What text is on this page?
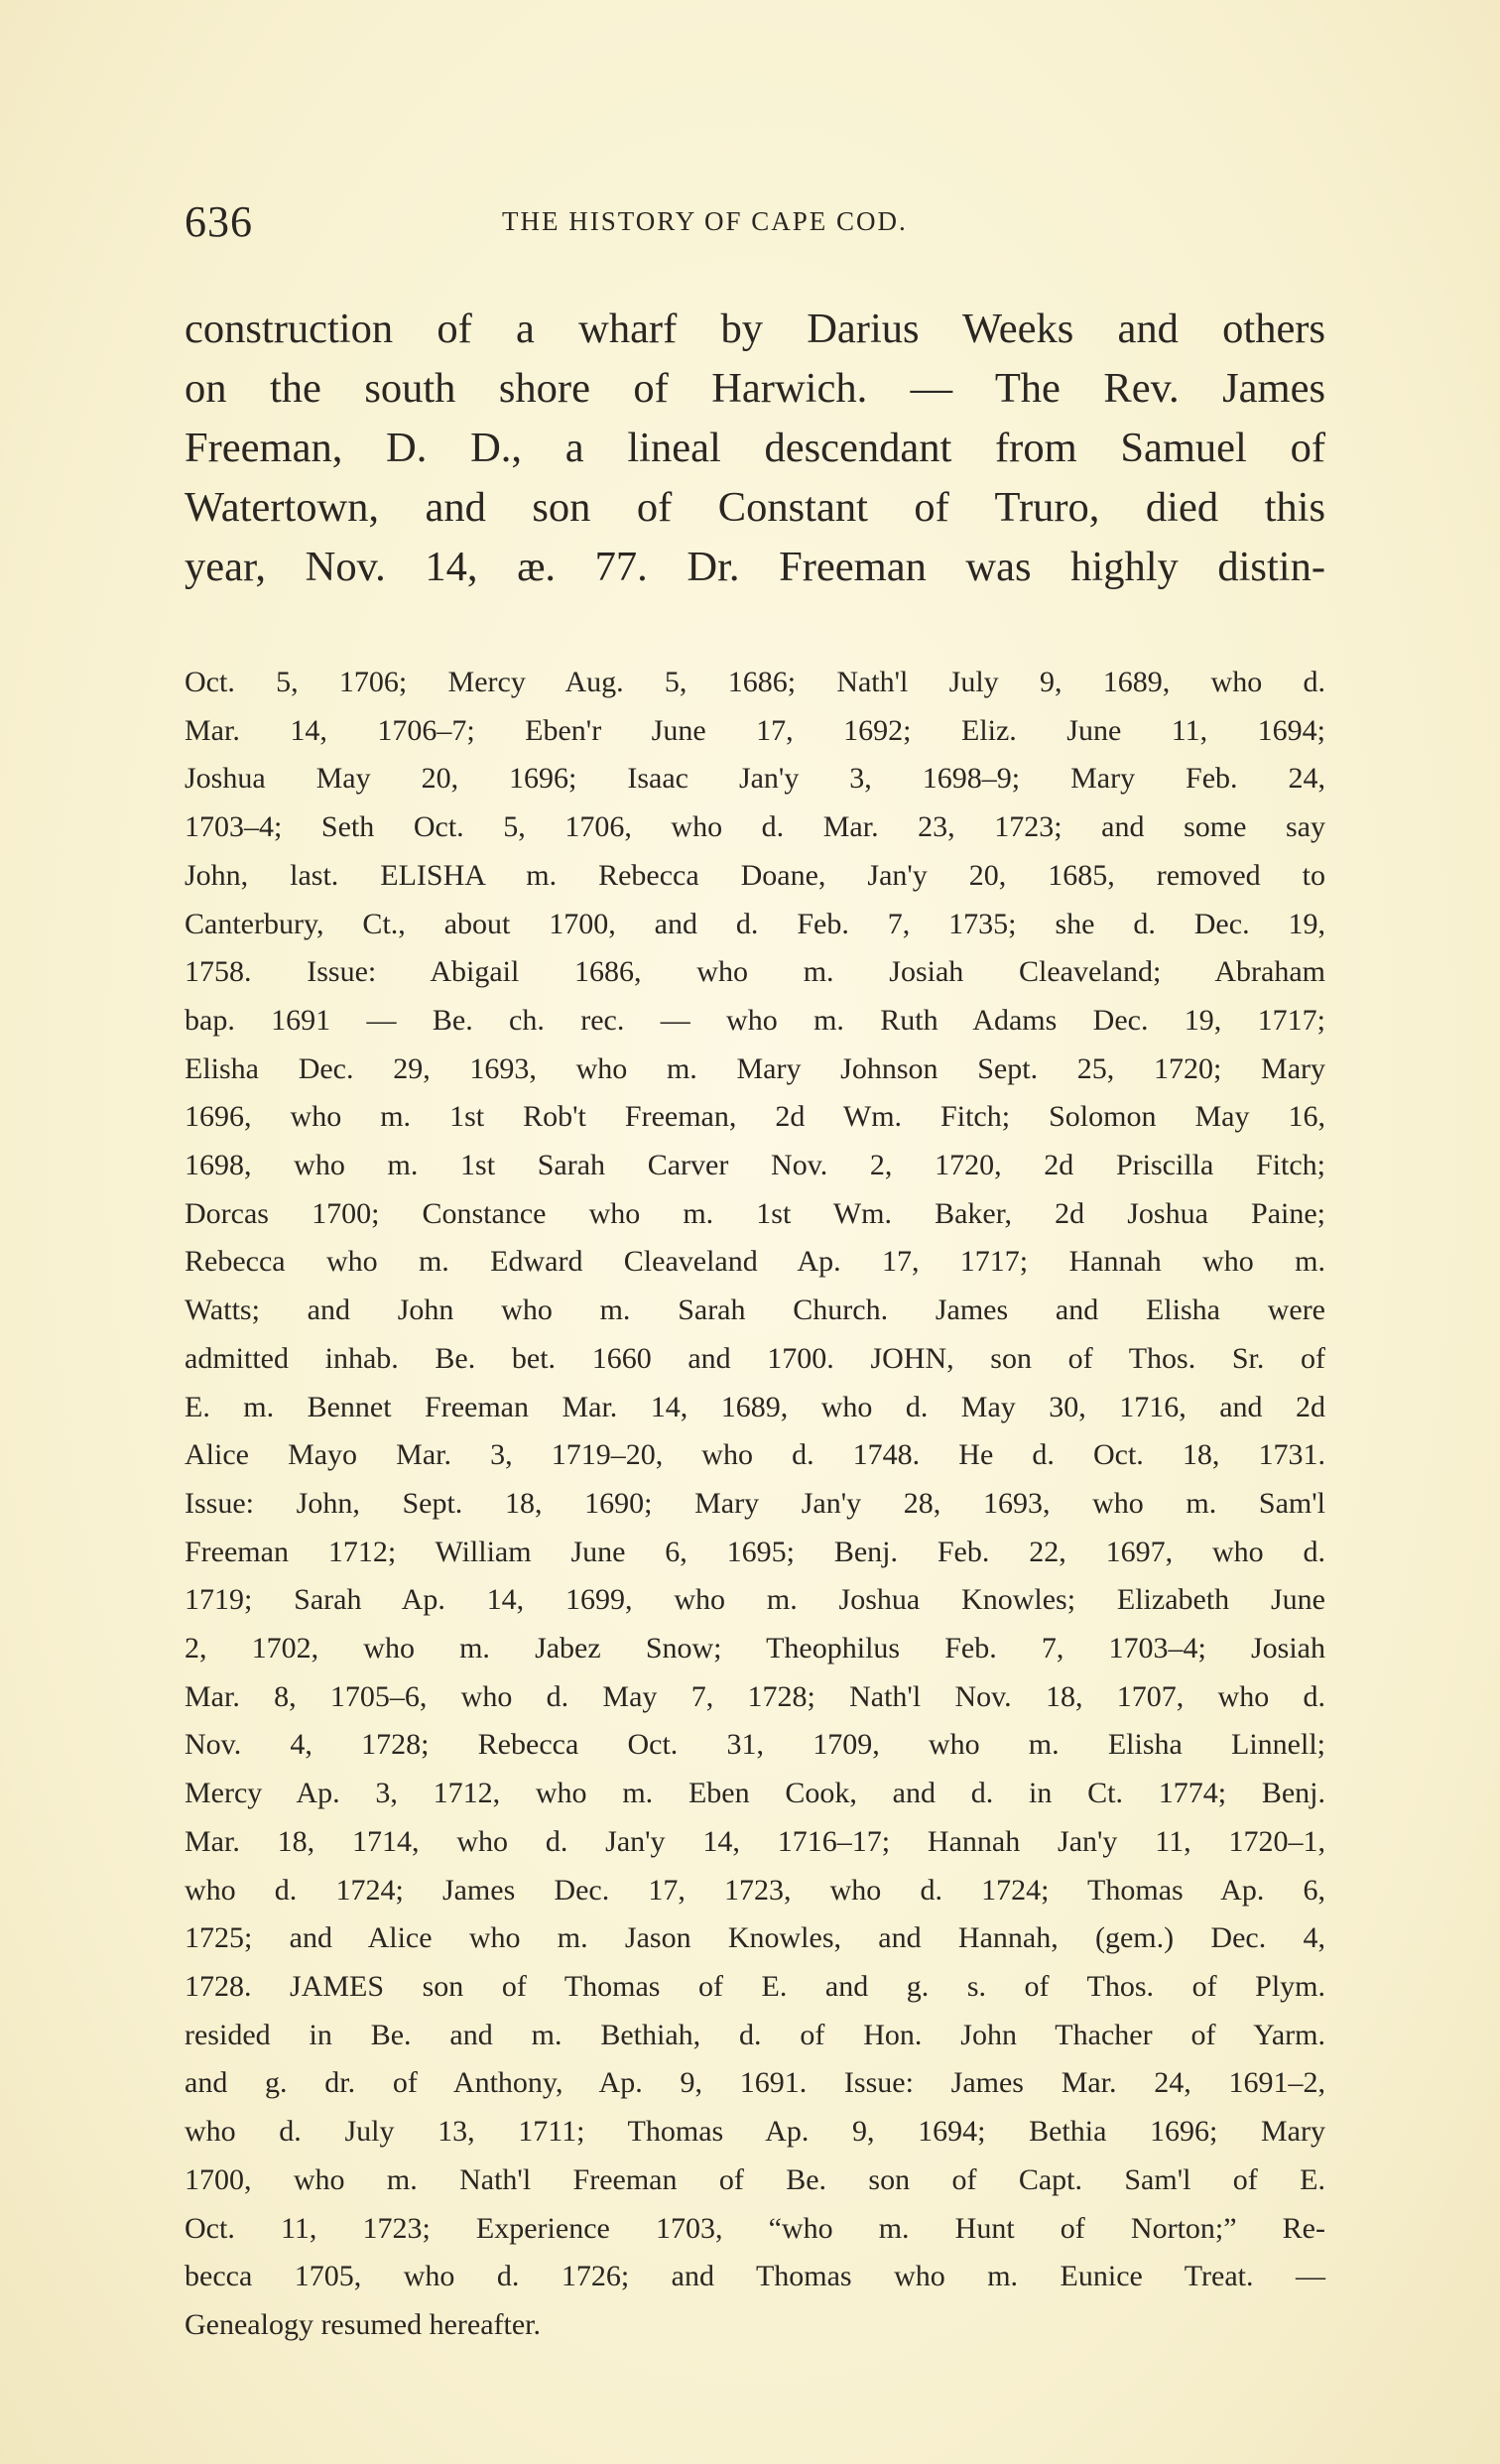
636	THE HISTORY OF CAPE COD.
construction of a wharf by Darius Weeks and others
on the south shore of Harwich. — The Rev. James
Freeman, D. D., a lineal descendant from Samuel of
Watertown, and son of Constant of Truro, died this
year, Nov. 14, æ. 77. Dr. Freeman was highly distin-
Oct. 5, 1706; Mercy Aug. 5, 1686; Nath'l July 9, 1689, who d.
Mar. 14, 1706–7; Eben'r June 17, 1692; Eliz. June 11, 1694;
Joshua May 20, 1696; Isaac Jan'y 3, 1698–9; Mary Feb. 24,
1703–4; Seth Oct. 5, 1706, who d. Mar. 23, 1723; and some say
John, last. ELISHA m. Rebecca Doane, Jan'y 20, 1685, removed to
Canterbury, Ct., about 1700, and d. Feb. 7, 1735; she d. Dec. 19,
1758. Issue: Abigail 1686, who m. Josiah Cleaveland; Abraham
bap. 1691 — Be. ch. rec. — who m. Ruth Adams Dec. 19, 1717;
Elisha Dec. 29, 1693, who m. Mary Johnson Sept. 25, 1720; Mary
1696, who m. 1st Rob't Freeman, 2d Wm. Fitch; Solomon May 16,
1698, who m. 1st Sarah Carver Nov. 2, 1720, 2d Priscilla Fitch;
Dorcas 1700; Constance who m. 1st Wm. Baker, 2d Joshua Paine;
Rebecca who m. Edward Cleaveland Ap. 17, 1717; Hannah who m.
Watts; and John who m. Sarah Church. James and Elisha were
admitted inhab. Be. bet. 1660 and 1700. JOHN, son of Thos. Sr. of
E. m. Bennet Freeman Mar. 14, 1689, who d. May 30, 1716, and 2d
Alice Mayo Mar. 3, 1719–20, who d. 1748. He d. Oct. 18, 1731.
Issue: John, Sept. 18, 1690; Mary Jan'y 28, 1693, who m. Sam'l
Freeman 1712; William June 6, 1695; Benj. Feb. 22, 1697, who d.
1719; Sarah Ap. 14, 1699, who m. Joshua Knowles; Elizabeth June
2, 1702, who m. Jabez Snow; Theophilus Feb. 7, 1703–4; Josiah
Mar. 8, 1705–6, who d. May 7, 1728; Nath'l Nov. 18, 1707, who d.
Nov. 4, 1728; Rebecca Oct. 31, 1709, who m. Elisha Linnell;
Mercy Ap. 3, 1712, who m. Eben Cook, and d. in Ct. 1774; Benj.
Mar. 18, 1714, who d. Jan'y 14, 1716–17; Hannah Jan'y 11, 1720–1,
who d. 1724; James Dec. 17, 1723, who d. 1724; Thomas Ap. 6,
1725; and Alice who m. Jason Knowles, and Hannah, (gem.) Dec. 4,
1728. JAMES son of Thomas of E. and g. s. of Thos. of Plym.
resided in Be. and m. Bethiah, d. of Hon. John Thacher of Yarm.
and g. dr. of Anthony, Ap. 9, 1691. Issue: James Mar. 24, 1691–2,
who d. July 13, 1711; Thomas Ap. 9, 1694; Bethia 1696; Mary
1700, who m. Nath'l Freeman of Be. son of Capt. Sam'l of E.
Oct. 11, 1723; Experience 1703, “who m. Hunt of Norton;” Re-
becca 1705, who d. 1726; and Thomas who m. Eunice Treat. —
Genealogy resumed hereafter.
